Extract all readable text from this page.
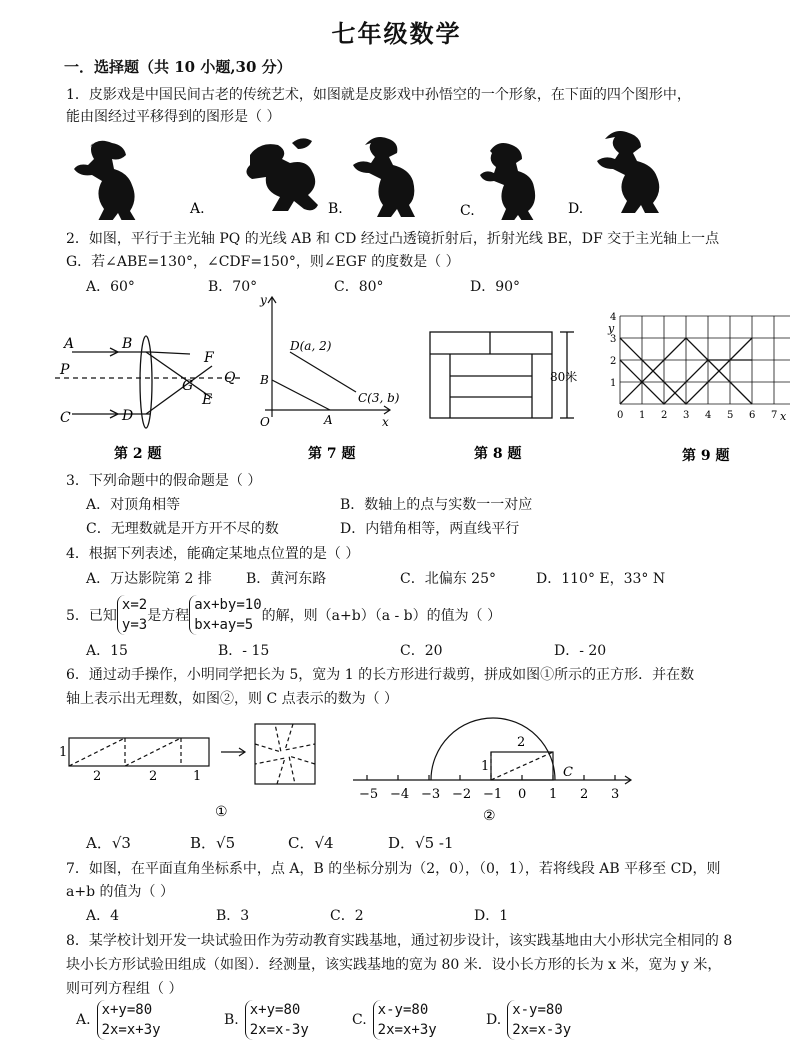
七年级数学
一．选择题（共 10 小题,30 分）
1．皮影戏是中国民间古老的传统艺术，如图就是皮影戏中孙悟空的一个形象，在下面的四个图形中，
能由图经过平移得到的图形是（ ）
A.	B.	C.	D.
2．如图，平行于主光轴 PQ 的光线 AB 和 CD 经过凸透镜折射后，折射光线 BE，DF 交于主光轴上一点
G．若∠ABE=130°，∠CDF=150°，则∠EGF 的度数是（ ）
A．60°	B．70°	C．80°	D．90°
A	B
P
C	D
F
G Q
E
第 2 题
y
x
O
B
A
D(a, 2)
C(3, b)
第 7 题
80米
第 8 题
y
x
0 1 2 3 4 5 6 7
1
2
3
4
第 9 题
3．下列命题中的假命题是（ ）
A．对顶角相等	B．数轴上的点与实数一一对应
C．无理数就是开方开不尽的数	D．内错角相等，两直线平行
4．根据下列表述，能确定某地点位置的是（ ）
A．万达影院第 2 排 B．黄河东路	C．北偏东 25°	D．110° E，33° N
5．已知
x=2
y=3
是方程
ax+by=10
bx+ay=5
的解，则（a+b）（a - b）的值为（ ）
A．15	B．- 15	C．20	D．- 20
6．通过动手操作，小明同学把长为 5，宽为 1 的长方形进行裁剪，拼成如图①所示的正方形．并在数
轴上表示出无理数，如图②，则 C 点表示的数为（ ）
1
2	2	1
①
−5 −4 −3 −2 −1 0 1 2 3
2
1	C
②
A．√3	B．√5	C．√4	D．√5 -1
7．如图，在平面直角坐标系中，点 A，B 的坐标分别为（2，0），（0，1），若将线段 AB 平移至 CD，则
a+b 的值为（ ）
A．4	B．3	C．2	D．1
8．某学校计划开发一块试验田作为劳动教育实践基地，通过初步设计，该实践基地由大小形状完全相同的 8
块小长方形试验田组成（如图）．经测量，该实践基地的宽为 80 米．设小长方形的长为 x 米，宽为 y 米，
则可列方程组（ ）
A.x+y=80
2x=x+3y
B.x+y=80
2x=x-3y
C.x-y=80
2x=x+3y
D.x-y=80
2x=x-3y
